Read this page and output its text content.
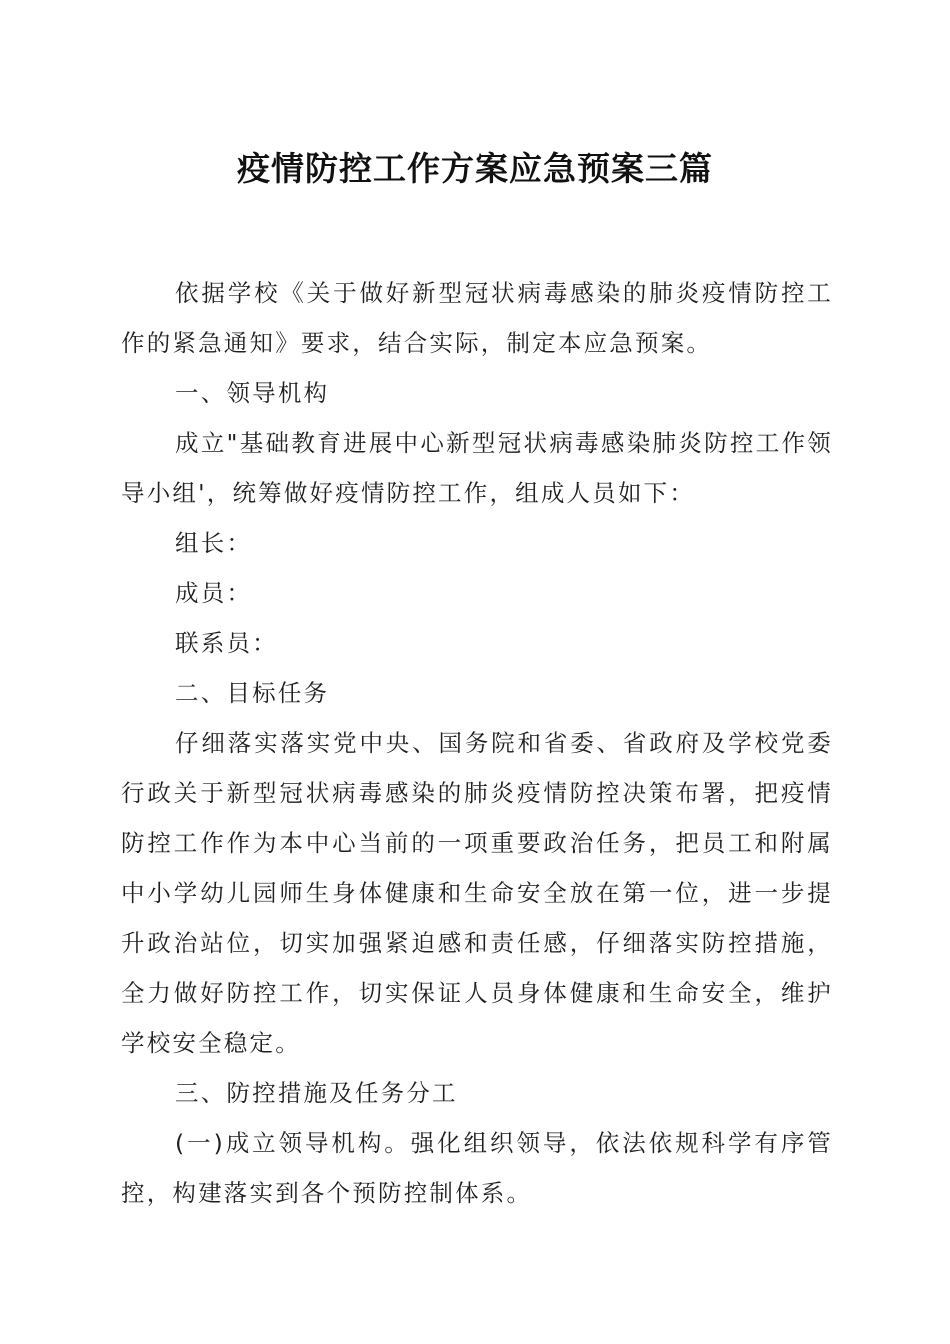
疫情防控工作方案应急预案三篇

依据学校《关于做好新型冠状病毒感染的肺炎疫情防控工作的紧急通知》要求，结合实际，制定本应急预案。

一、领导机构

成立"基础教育进展中心新型冠状病毒感染肺炎防控工作领导小组'，统筹做好疫情防控工作，组成人员如下：

组长：

成员：

联系员：

二、目标任务

仔细落实落实党中央、国务院和省委、省政府及学校党委行政关于新型冠状病毒感染的肺炎疫情防控决策布署，把疫情防控工作作为本中心当前的一项重要政治任务，把员工和附属中小学幼儿园师生身体健康和生命安全放在第一位，进一步提升政治站位，切实加强紧迫感和责任感，仔细落实防控措施，全力做好防控工作，切实保证人员身体健康和生命安全，维护学校安全稳定。

三、防控措施及任务分工

(一)成立领导机构。强化组织领导，依法依规科学有序管控，构建落实到各个预防控制体系。
